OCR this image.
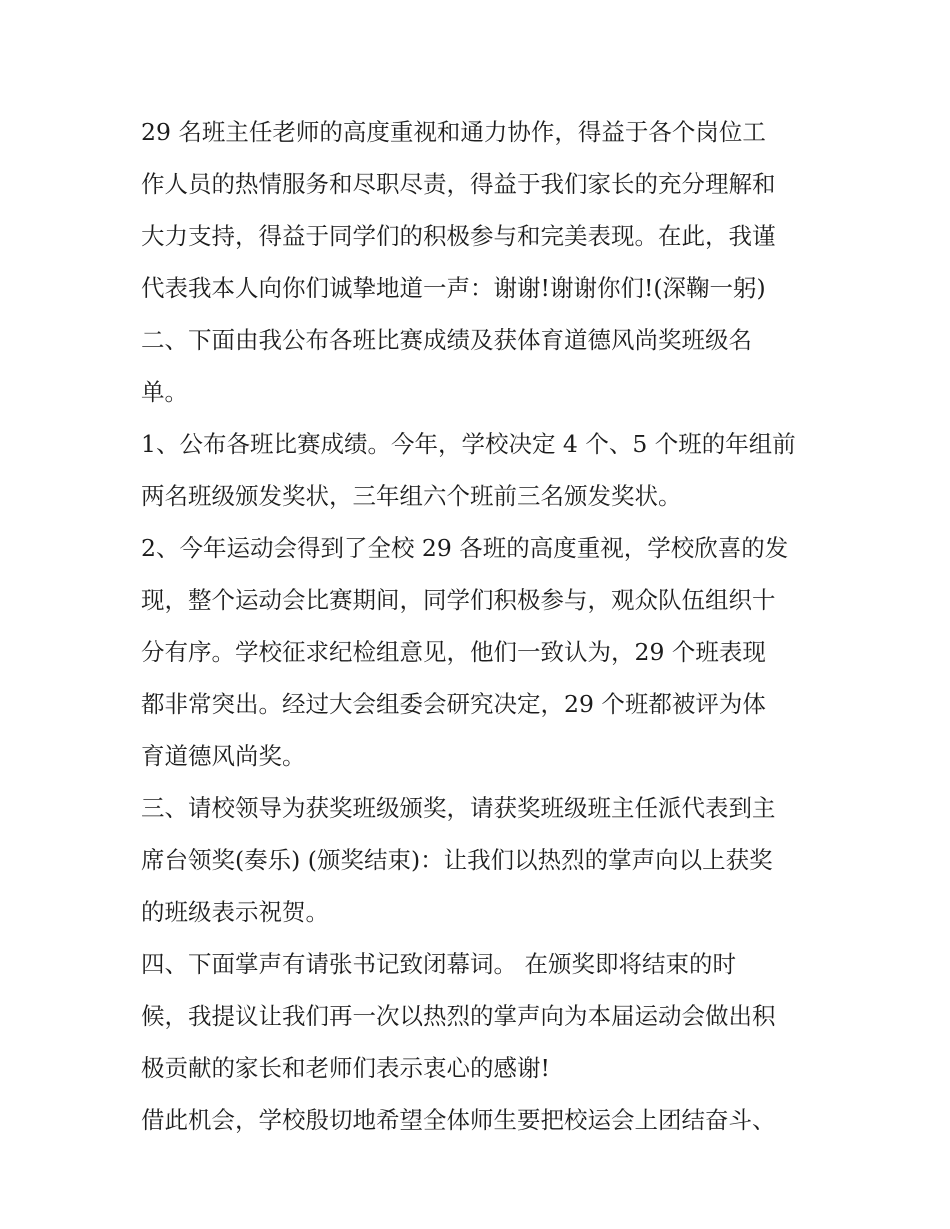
29 名班主任老师的高度重视和通力协作，得益于各个岗位工

作人员的热情服务和尽职尽责，得益于我们家长的充分理解和

大力支持，得益于同学们的积极参与和完美表现。在此，我谨

代表我本人向你们诚挚地道一声：谢谢!谢谢你们!(深鞠一躬)

二、下面由我公布各班比赛成绩及获体育道德风尚奖班级名

单。

1、公布各班比赛成绩。今年，学校决定 4 个、5 个班的年组前

两名班级颁发奖状，三年组六个班前三名颁发奖状。

2、今年运动会得到了全校 29 各班的高度重视，学校欣喜的发

现，整个运动会比赛期间，同学们积极参与，观众队伍组织十

分有序。学校征求纪检组意见，他们一致认为，29 个班表现

都非常突出。经过大会组委会研究决定，29 个班都被评为体

育道德风尚奖。

三、请校领导为获奖班级颁奖，请获奖班级班主任派代表到主

席台领奖(奏乐) (颁奖结束)：让我们以热烈的掌声向以上获奖

的班级表示祝贺。

四、下面掌声有请张书记致闭幕词。 在颁奖即将结束的时

候，我提议让我们再一次以热烈的掌声向为本届运动会做出积

极贡献的家长和老师们表示衷心的感谢!

借此机会，学校殷切地希望全体师生要把校运会上团结奋斗、
